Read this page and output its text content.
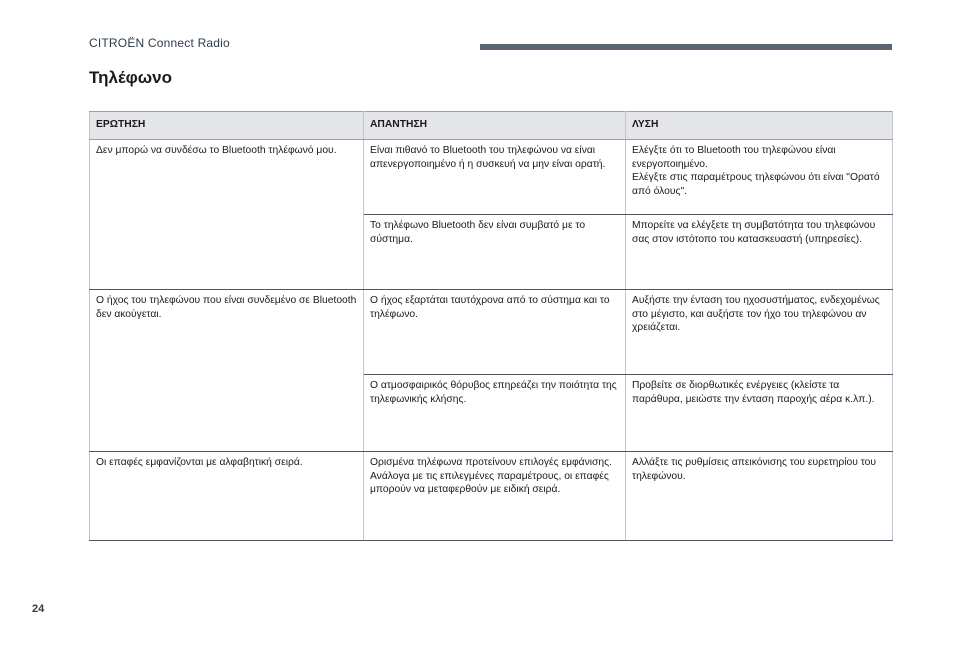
CITROËN Connect Radio
Τηλέφωνο
ΕΡΩΤΗΣΗ	ΑΠΑΝΤΗΣΗ	ΛΥΣΗ
Δεν μπορώ να συνδέσω το Bluetooth τηλέφωνό μου.	Είναι πιθανό το Bluetooth του τηλεφώνου να είναι απενεργοποιημένο ή η συσκευή να μην είναι ορατή.	Ελέγξτε ότι το Bluetooth του τηλεφώνου είναι ενεργοποιημένο.
Ελέγξτε στις παραμέτρους τηλεφώνου ότι είναι "Ορατό από όλους".
	Το τηλέφωνο Bluetooth δεν είναι συμβατό με το σύστημα.	Μπορείτε να ελέγξετε τη συμβατότητα του τηλεφώνου σας στον ιστότοπο του κατασκευαστή (υπηρεσίες).
Ο ήχος του τηλεφώνου που είναι συνδεμένο σε Bluetooth δεν ακούγεται.	Ο ήχος εξαρτάται ταυτόχρονα από το σύστημα και το τηλέφωνο.	Αυξήστε την ένταση του ηχοσυστήματος, ενδεχομένως στο μέγιστο, και αυξήστε τον ήχο του τηλεφώνου αν χρειάζεται.
	Ο ατμοσφαιρικός θόρυβος επηρεάζει την ποιότητα της τηλεφωνικής κλήσης.	Προβείτε σε διορθωτικές ενέργειες (κλείστε τα παράθυρα, μειώστε την ένταση παροχής αέρα κ.λπ.).
Οι επαφές εμφανίζονται με αλφαβητική σειρά.	Ορισμένα τηλέφωνα προτείνουν επιλογές εμφάνισης. Ανάλογα με τις επιλεγμένες παραμέτρους, οι επαφές μπορούν να μεταφερθούν με ειδική σειρά.	Αλλάξτε τις ρυθμίσεις απεικόνισης του ευρετηρίου του τηλεφώνου.
24
